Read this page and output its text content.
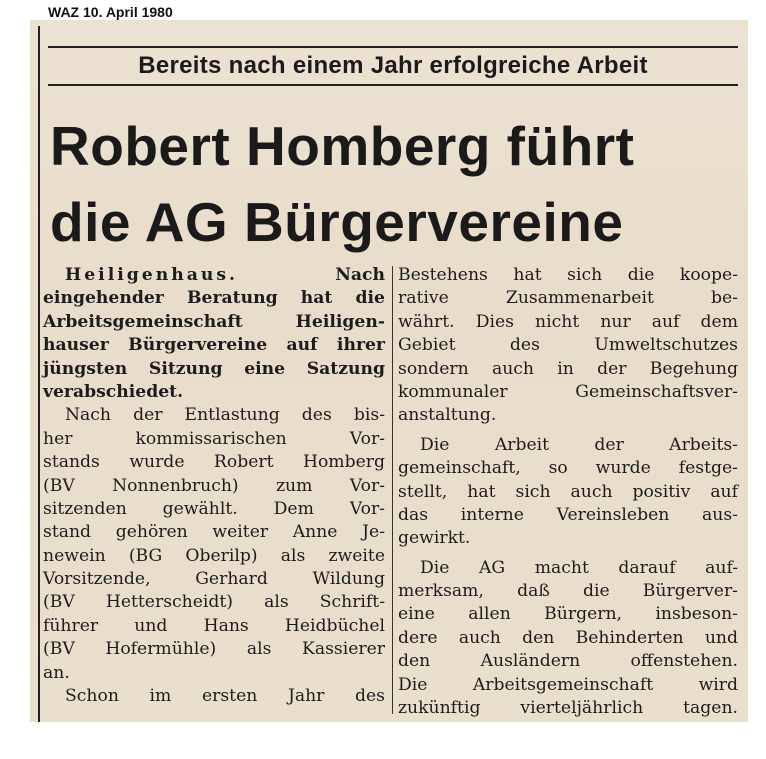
WAZ 10. April 1980
Bereits nach einem Jahr erfolgreiche Arbeit
Robert Homberg führt
die AG Bürgervereine
Heiligenhaus.	Nach
eingehender Beratung hat die
Arbeitsgemeinschaft Heiligen-
hauser Bürgervereine auf ihrer
jüngsten Sitzung eine Satzung
verabschiedet.
Nach der Entlastung des bis-
her kommissarischen Vor-
stands wurde Robert Homberg
(BV Nonnenbruch) zum Vor-
sitzenden gewählt. Dem Vor-
stand gehören weiter Anne Je-
newein (BG Oberilp) als zweite
Vorsitzende, Gerhard Wildung
(BV Hetterscheidt) als Schrift-
führer und Hans Heidbüchel
(BV Hofermühle) als Kassierer
an.
Schon im ersten Jahr des
Bestehens hat sich die koope-
rative Zusammenarbeit be-
währt. Dies nicht nur auf dem
Gebiet des Umweltschutzes
sondern auch in der Begehung
kommunaler Gemeinschaftsver-
anstaltung.
Die Arbeit der Arbeits-
gemeinschaft, so wurde festge-
stellt, hat sich auch positiv auf
das interne Vereinsleben aus-
gewirkt.
Die AG macht darauf auf-
merksam, daß die Bürgerver-
eine allen Bürgern, insbeson-
dere auch den Behinderten und
den Ausländern offenstehen.
Die Arbeitsgemeinschaft wird
zukünftig vierteljährlich tagen.
